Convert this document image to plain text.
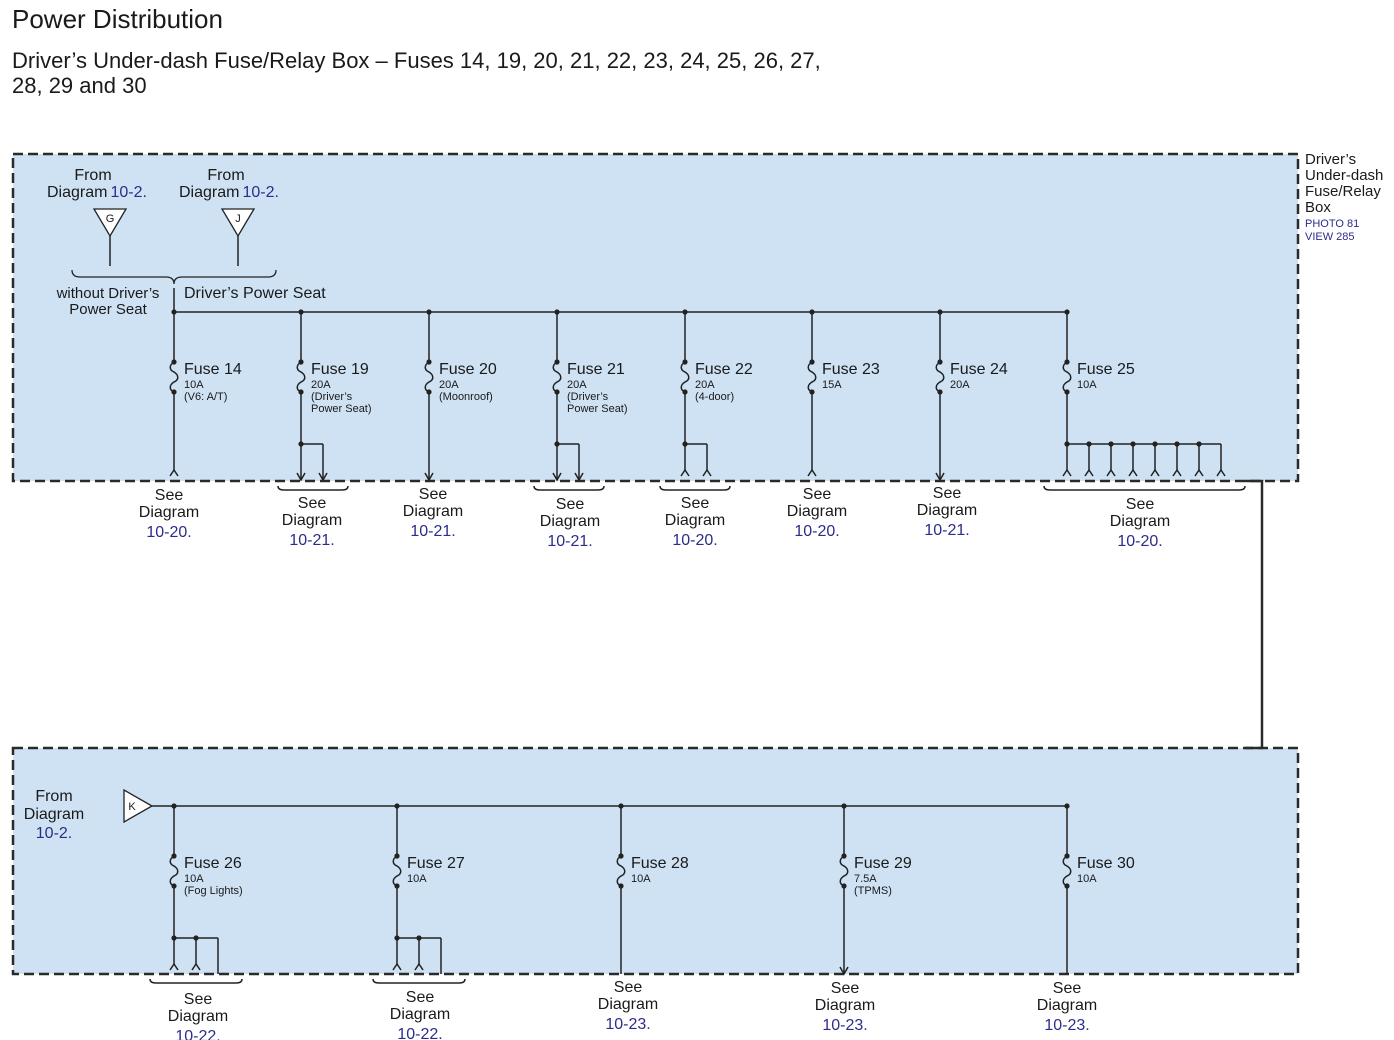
Power Distribution
Driver’s Under-dash Fuse/Relay Box – Fuses 14, 19, 20, 21, 22, 23, 24, 25, 26, 27,
28, 29 and 30
Driver’s
Under-dash
Fuse/Relay
Box
PHOTO 81
VIEW 285
From
Diagram 10-2.
G
From
Diagram 10-2.
J
without Driver’s
Power Seat
Driver’s Power Seat
From
Diagram
10-2.
K
Fuse 14
10A
(V6: A/T)
See
Diagram
10-20.
Fuse 19
20A
(Driver’s
Power Seat)
See
Diagram
10-21.
Fuse 20
20A
(Moonroof)
See
Diagram
10-21.
Fuse 21
20A
(Driver’s
Power Seat)
See
Diagram
10-21.
Fuse 22
20A
(4-door)
See
Diagram
10-20.
Fuse 23
15A
See
Diagram
10-20.
Fuse 24
20A
See
Diagram
10-21.
Fuse 25
10A
See
Diagram
10-20.
Fuse 26
10A
(Fog Lights)
See
Diagram
10-22.
Fuse 27
10A
See
Diagram
10-22.
Fuse 28
10A
See
Diagram
10-23.
Fuse 29
7.5A
(TPMS)
See
Diagram
10-23.
Fuse 30
10A
See
Diagram
10-23.
